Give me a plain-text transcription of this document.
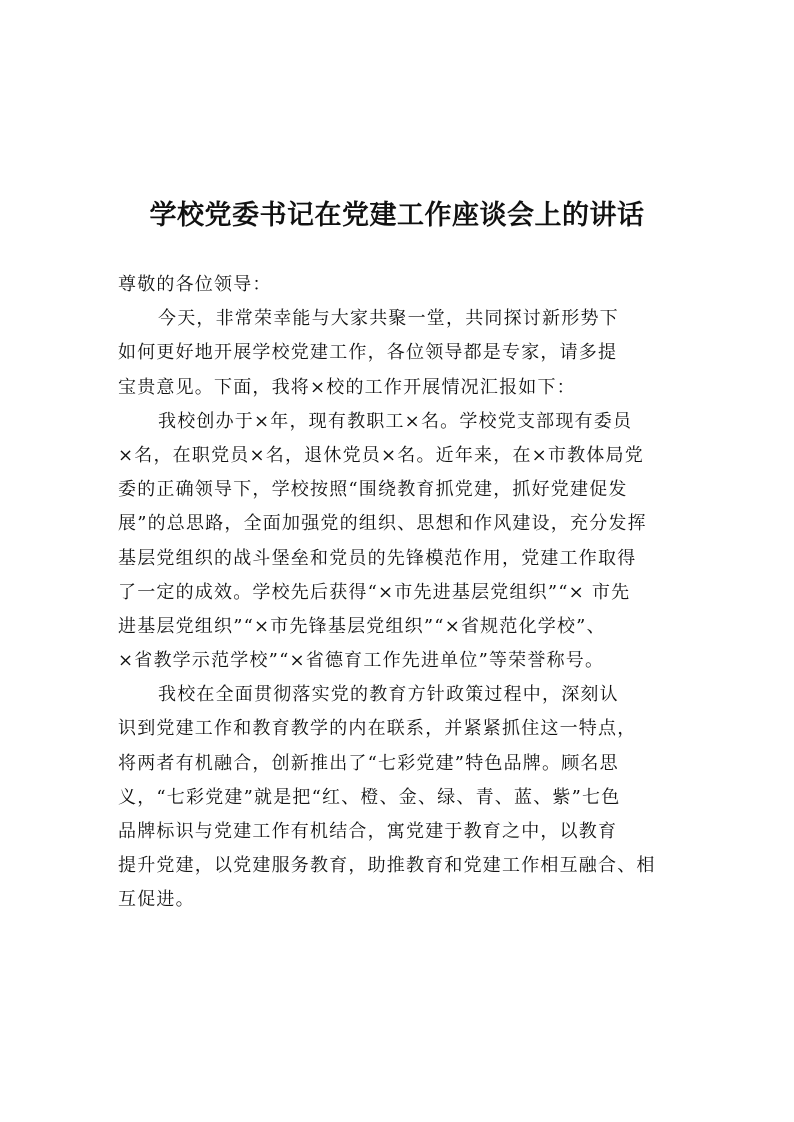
学校党委书记在党建工作座谈会上的讲话
尊敬的各位领导：
今天，非常荣幸能与大家共聚一堂，共同探讨新形势下
如何更好地开展学校党建工作，各位领导都是专家，请多提
宝贵意见。下面，我将×校的工作开展情况汇报如下：
我校创办于×年，现有教职工×名。学校党支部现有委员
×名，在职党员×名，退休党员×名。近年来，在×市教体局党
委的正确领导下，学校按照“围绕教育抓党建，抓好党建促发
展”的总思路，全面加强党的组织、思想和作风建设，充分发挥
基层党组织的战斗堡垒和党员的先锋模范作用，党建工作取得
了一定的成效。学校先后获得“×市先进基层党组织”“× 市先
进基层党组织”“×市先锋基层党组织”“×省规范化学校”、
×省教学示范学校”“×省德育工作先进单位”等荣誉称号。
我校在全面贯彻落实党的教育方针政策过程中，深刻认
识到党建工作和教育教学的内在联系，并紧紧抓住这一特点，
将两者有机融合，创新推出了“七彩党建”特色品牌。顾名思
义，“七彩党建”就是把“红、橙、金、绿、青、蓝、紫”七色
品牌标识与党建工作有机结合，寓党建于教育之中，以教育
提升党建，以党建服务教育，助推教育和党建工作相互融合、相
互促进。
